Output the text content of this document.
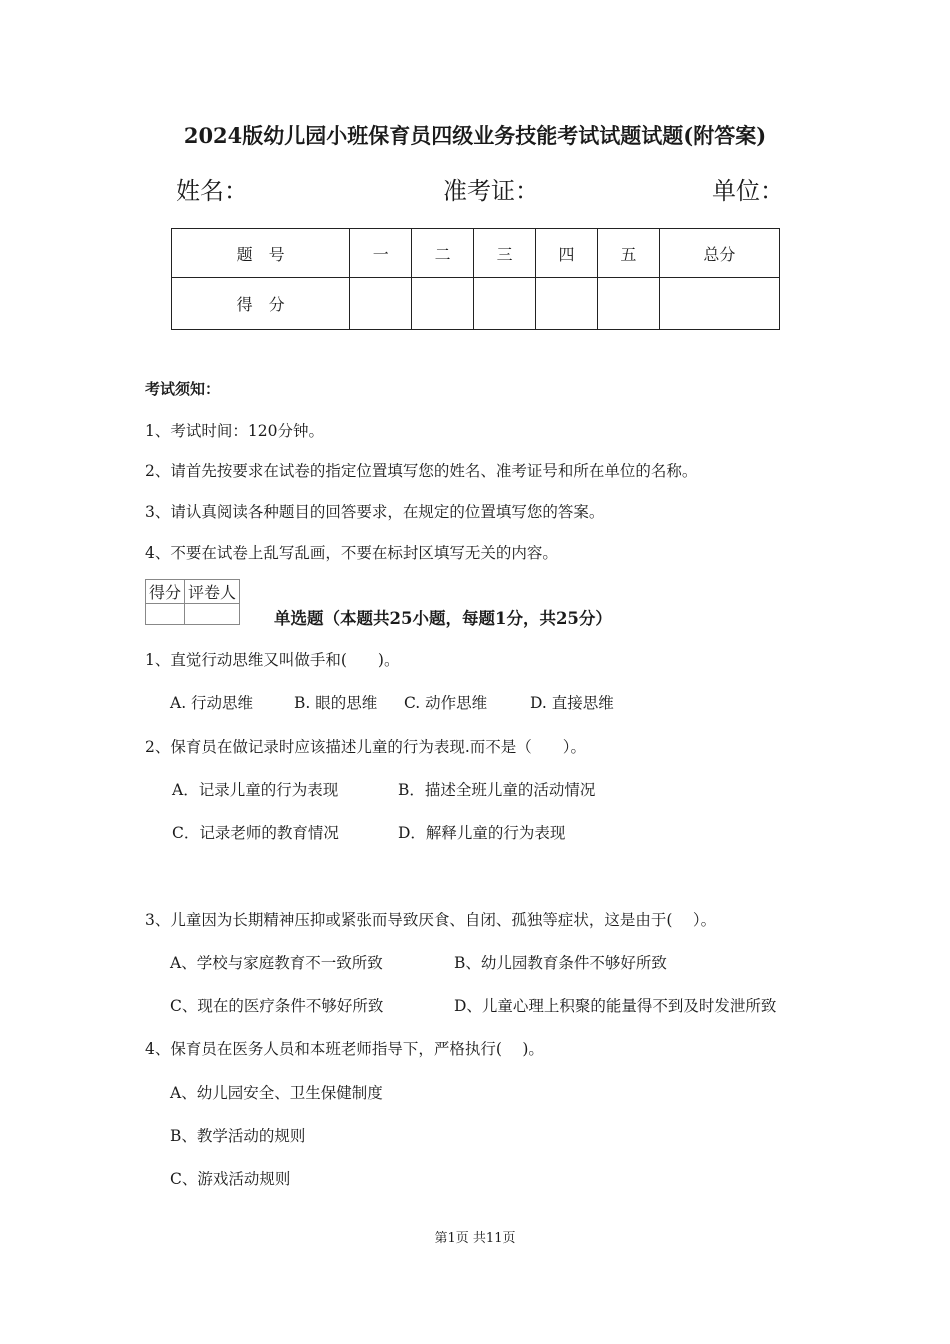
2024版幼儿园小班保育员四级业务技能考试试题试题(附答案)
姓名：	准考证：	单位：
题　号	一	二	三	四	五	总分
得　分						
考试须知：
1、考试时间：120分钟。
2、请首先按要求在试卷的指定位置填写您的姓名、准考证号和所在单位的名称。
3、请认真阅读各种题目的回答要求，在规定的位置填写您的答案。
4、不要在试卷上乱写乱画，不要在标封区填写无关的内容。
得分	评卷人

单选题（本题共25小题，每题1分，共25分）
1、直觉行动思维又叫做手和(　　)。
A. 行动思维	B. 眼的思维 C. 动作思维	D. 直接思维
2、保育员在做记录时应该描述儿童的行为表现.而不是（　　）。
A．记录儿童的行为表现	B．描述全班儿童的活动情况
C．记录老师的教育情况	D．解释儿童的行为表现
3、儿童因为长期精神压抑或紧张而导致厌食、自闭、孤独等症状，这是由于(　 ）。
A、学校与家庭教育不一致所致	B、幼儿园教育条件不够好所致
C、现在的医疗条件不够好所致	D、儿童心理上积聚的能量得不到及时发泄所致
4、保育员在医务人员和本班老师指导下，严格执行(　 )。
A、幼儿园安全、卫生保健制度
B、教学活动的规则
C、游戏活动规则
第1页 共11页
